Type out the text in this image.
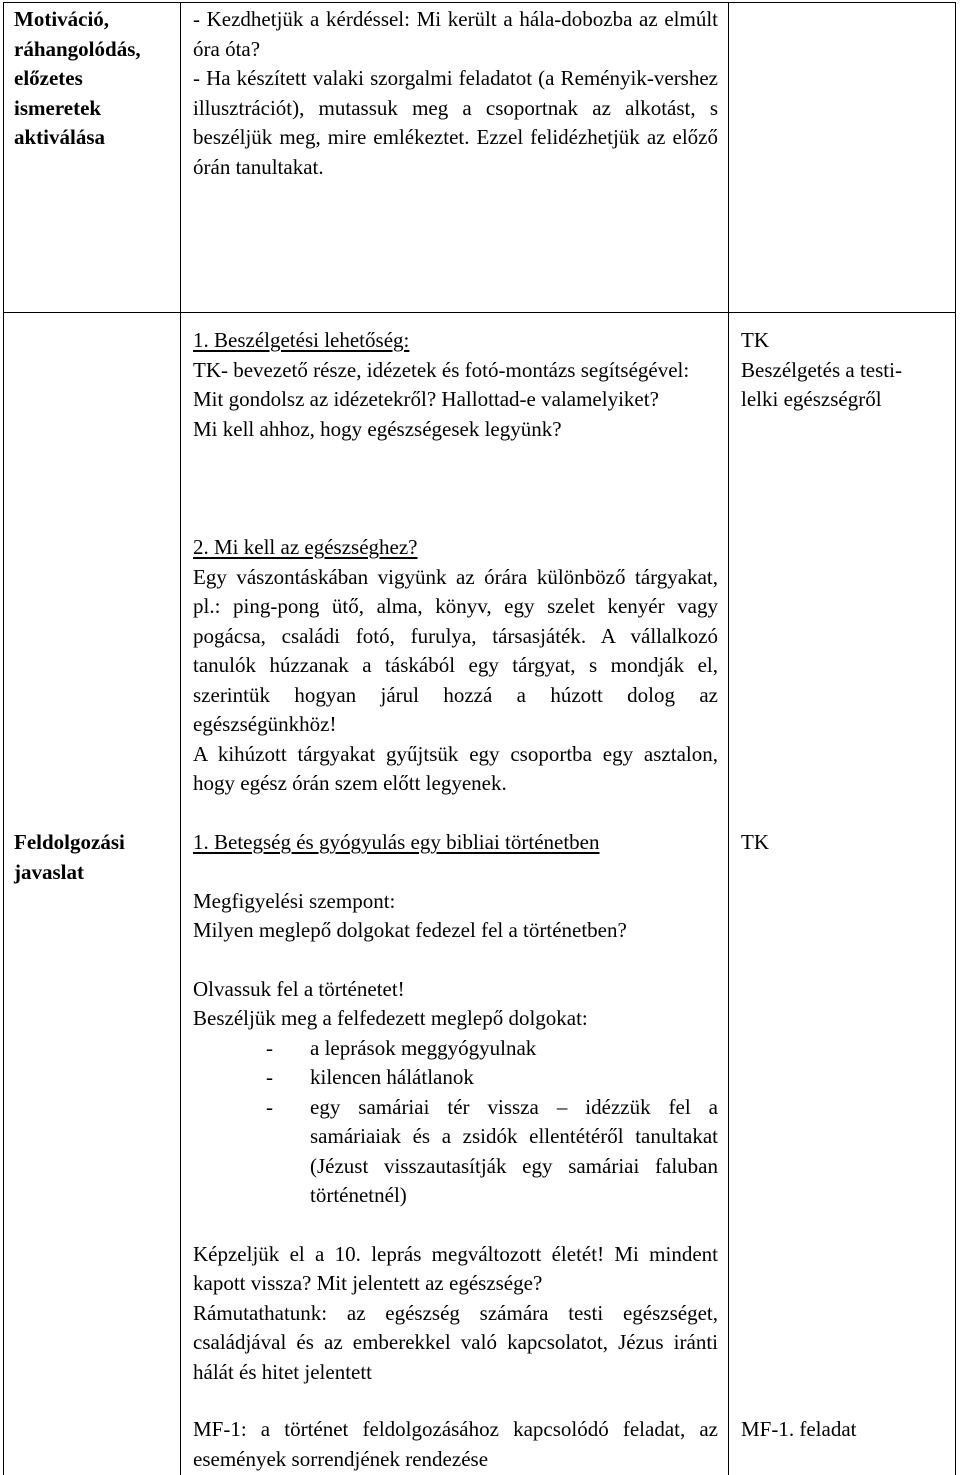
Motiváció,
ráhangolódás,
előzetes
ismeretek
aktiválása
- Kezdhetjük a kérdéssel: Mi került a hála-dobozba az elmúlt óra óta?
- Ha készített valaki szorgalmi feladatot (a Reményik-vershez illusztrációt), mutassuk meg a csoportnak az alkotást, s beszéljük meg, mire emlékeztet. Ezzel felidézhetjük az előző órán tanultakat.
Feldolgozási
javaslat
1. Beszélgetési lehetőség:
TK- bevezető része, idézetek és fotó-montázs segítségével:
Mit gondolsz az idézetekről? Hallottad-e valamelyiket?
Mi kell ahhoz, hogy egészségesek legyünk?
TK
Beszélgetés a testi-
lelki egészségről
2. Mi kell az egészséghez?
Egy vászontáskában vigyünk az órára különböző tárgyakat, pl.: ping-pong ütő, alma, könyv, egy szelet kenyér vagy pogácsa, családi fotó, furulya, társasjáték. A vállalkozó tanulók húzzanak a táskából egy tárgyat, s mondják el, szerintük hogyan járul hozzá a húzott dolog az egészségünkhöz!
A kihúzott tárgyakat gyűjtsük egy csoportba egy asztalon, hogy egész órán szem előtt legyenek.
1. Betegség és gyógyulás egy bibliai történetben
Megfigyelési szempont:
Milyen meglepő dolgokat fedezel fel a történetben?
Olvassuk fel a történetet!
Beszéljük meg a felfedezett meglepő dolgokat:
- a leprások meggyógyulnak
- kilencen hálátlanok
- egy samáriai tér vissza – idézzük fel a samáriaiak és a zsidók ellentétéről tanultakat (Jézust visszautasítják egy samáriai faluban történetnél)
Képzeljük el a 10. leprás megváltozott életét! Mi mindent kapott vissza? Mit jelentett az egészsége?
Rámutathatunk: az egészség számára testi egészséget, családjával és az emberekkel való kapcsolatot, Jézus iránti hálát és hitet jelentett
TK
MF-1: a történet feldolgozásához kapcsolódó feladat, az események sorrendjének rendezése
MF-1. feladat
